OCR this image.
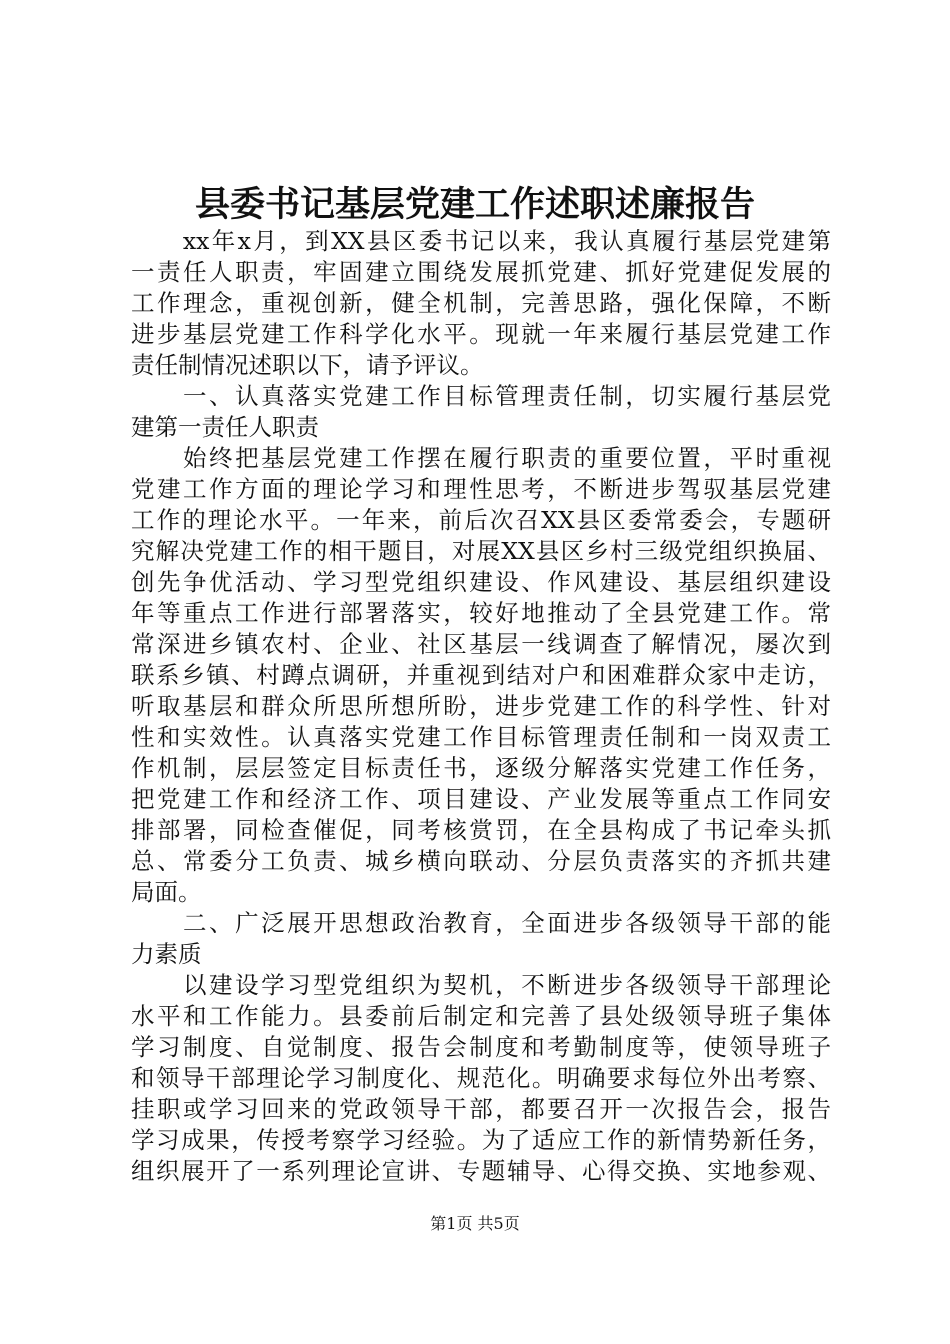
县委书记基层党建工作述职述廉报告
　　xx年x月，到XX县区委书记以来，我认真履行基层党建第
一责任人职责，牢固建立围绕发展抓党建、抓好党建促发展的
工作理念，重视创新，健全机制，完善思路，强化保障，不断
进步基层党建工作科学化水平。现就一年来履行基层党建工作
责任制情况述职以下，请予评议。
　　一、认真落实党建工作目标管理责任制，切实履行基层党
建第一责任人职责
　　始终把基层党建工作摆在履行职责的重要位置，平时重视
党建工作方面的理论学习和理性思考，不断进步驾驭基层党建
工作的理论水平。一年来，前后次召XX县区委常委会，专题研
究解决党建工作的相干题目，对展XX县区乡村三级党组织换届、
创先争优活动、学习型党组织建设、作风建设、基层组织建设
年等重点工作进行部署落实，较好地推动了全县党建工作。常
常深进乡镇农村、企业、社区基层一线调查了解情况，屡次到
联系乡镇、村蹲点调研，并重视到结对户和困难群众家中走访，
听取基层和群众所思所想所盼，进步党建工作的科学性、针对
性和实效性。认真落实党建工作目标管理责任制和一岗双责工
作机制，层层签定目标责任书，逐级分解落实党建工作任务，
把党建工作和经济工作、项目建设、产业发展等重点工作同安
排部署，同检查催促，同考核赏罚，在全县构成了书记牵头抓
总、常委分工负责、城乡横向联动、分层负责落实的齐抓共建
局面。
　　二、广泛展开思想政治教育，全面进步各级领导干部的能
力素质
　　以建设学习型党组织为契机，不断进步各级领导干部理论
水平和工作能力。县委前后制定和完善了县处级领导班子集体
学习制度、自觉制度、报告会制度和考勤制度等，使领导班子
和领导干部理论学习制度化、规范化。明确要求每位外出考察、
挂职或学习回来的党政领导干部，都要召开一次报告会，报告
学习成果，传授考察学习经验。为了适应工作的新情势新任务，
组织展开了一系列理论宣讲、专题辅导、心得交换、实地参观、
第1页 共5页
